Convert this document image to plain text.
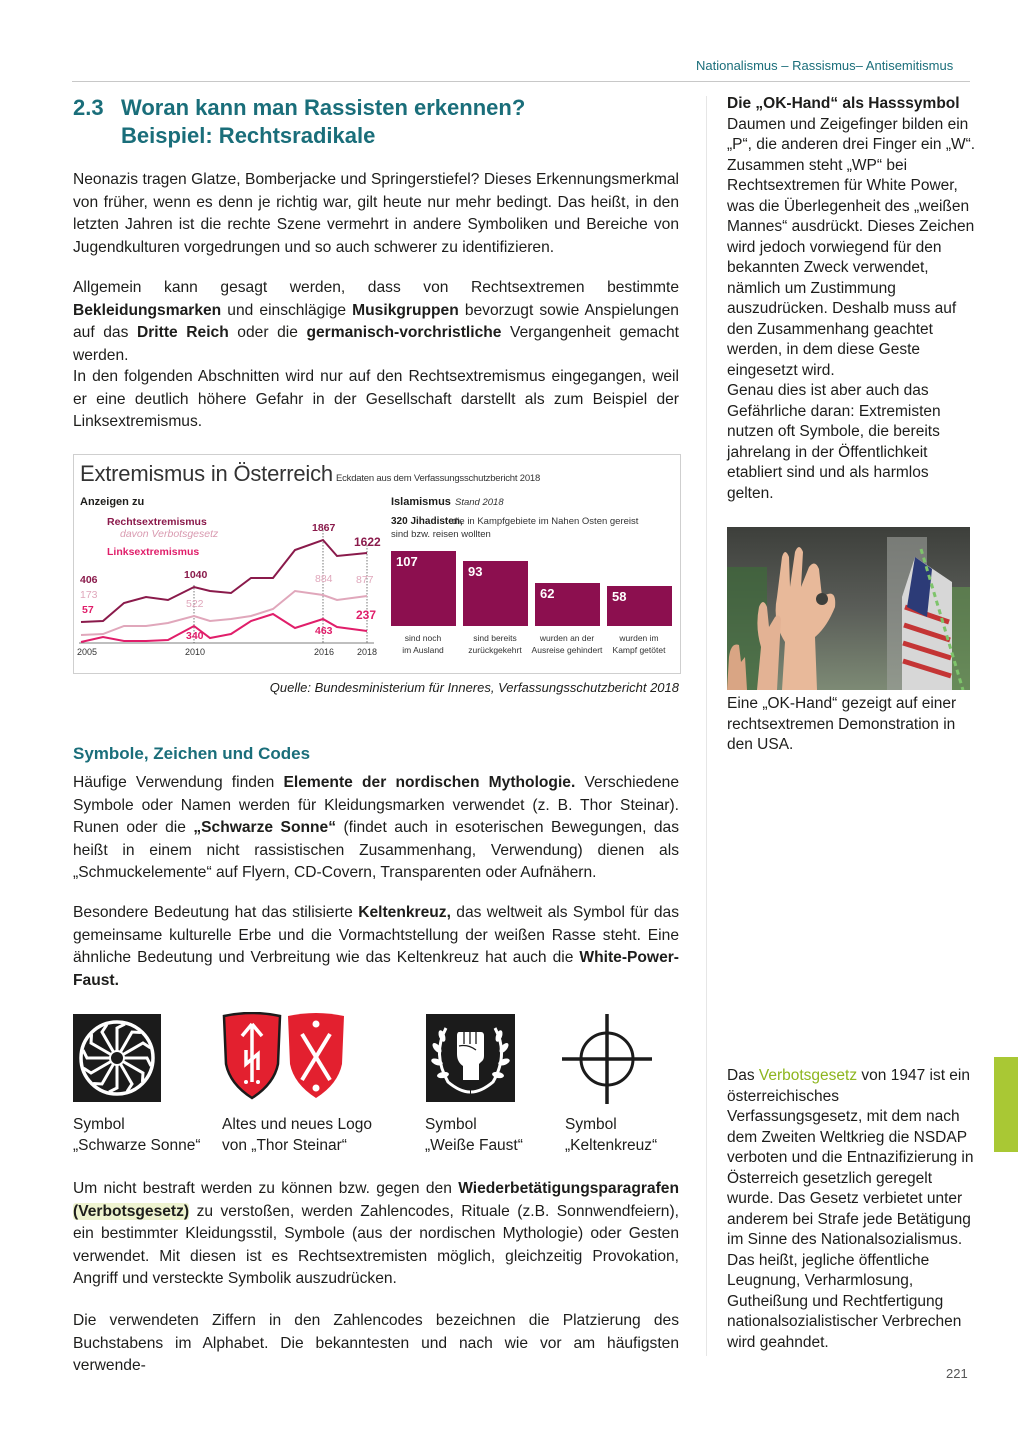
Nationalismus – Rassismus– Antisemitismus
2.3 Woran kann man Rassisten erkennen?
Beispiel: Rechtsradikale
Neonazis tragen Glatze, Bomberjacke und Springerstiefel? Dieses Erkennungsmerkmal von früher, wenn es denn je richtig war, gilt heute nur mehr bedingt. Das heißt, in den letzten Jahren ist die rechte Szene vermehrt in andere Symboliken und Bereiche von Jugendkulturen vorgedrungen und so auch schwerer zu identifizieren.
Allgemein kann gesagt werden, dass von Rechtsextremen bestimmte Bekleidungsmarken und einschlägige Musikgruppen bevorzugt sowie Anspielungen auf das Dritte Reich oder die germanisch-vorchristliche Vergangenheit gemacht werden.
In den folgenden Abschnitten wird nur auf den Rechtsextremismus eingegangen, weil er eine deutlich höhere Gefahr in der Gesellschaft darstellt als zum Beispiel der Linksextremismus.
Extremismus in Österreich Eckdaten aus dem Verfassungsschutzbericht 2018
Anzeigen zu
Rechtsextremismus
davon Verbotsgesetz
Linksextremismus
406
173
57
1040
522
340
1867
884
463
1622
877
237
2005	2010	2016	2018
Islamismus Stand 2018
320 Jihadisten,
die in Kampfgebiete im Nahen Osten gereist
sind bzw. reisen wollten
107
93
62	58
sind noch
im Ausland
sind bereits
zurückgekehrt
wurden an der
Ausreise gehindert
wurden im
Kampf getötet
Quelle: Bundesministerium für Inneres, Verfassungsschutzbericht 2018
Symbole, Zeichen und Codes
Häufige Verwendung finden Elemente der nordischen Mythologie. Verschiedene Symbole oder Namen werden für Kleidungsmarken verwendet (z. B. Thor Steinar). Runen oder die „Schwarze Sonne“ (findet auch in esoterischen Bewegungen, das heißt in einem nicht rassistischen Zusammenhang, Verwendung) dienen als „Schmuckelemente“ auf Flyern, CD-Covern, Transparenten oder Aufnähern.
Besondere Bedeutung hat das stilisierte Keltenkreuz, das weltweit als Symbol für das gemeinsame kulturelle Erbe und die Vormachtstellung der weißen Rasse steht. Eine ähnliche Bedeutung und Verbreitung wie das Keltenkreuz hat auch die White-Power-Faust.
Symbol
„Schwarze Sonne“
Altes und neues Logo
von „Thor Steinar“
Symbol
„Weiße Faust“
Symbol
„Keltenkreuz“
Um nicht bestraft werden zu können bzw. gegen den Wiederbetätigungsparagrafen (Verbotsgesetz) zu verstoßen, werden Zahlencodes, Rituale (z.B. Sonnwendfeiern), ein bestimmter Kleidungsstil, Symbole (aus der nordischen Mythologie) oder Gesten verwendet. Mit diesen ist es Rechtsextremisten möglich, gleichzeitig Provokation, Angriff und versteckte Symbolik auszudrücken.
Die verwendeten Ziffern in den Zahlencodes bezeichnen die Platzierung des Buchstabens im Alphabet. Die bekanntesten und nach wie vor am häufigsten verwende-
Die „OK-Hand“ als Hasssymbol
Daumen und Zeigefinger bilden ein „P“, die anderen drei Finger ein „W“. Zusammen steht „WP“ bei Rechtsextremen für White Power, was die Überlegenheit des „weißen Mannes“ ausdrückt. Dieses Zeichen wird jedoch vorwiegend für den bekannten Zweck verwendet, nämlich um Zustimmung auszudrücken. Deshalb muss auf den Zusammenhang geachtet werden, in dem diese Geste eingesetzt wird.
Genau dies ist aber auch das Gefährliche daran: Extremisten nutzen oft Symbole, die bereits jahrelang in der Öffentlichkeit etabliert sind und als harmlos gelten.
Eine „OK-Hand“ gezeigt auf einer rechtsextremen Demonstration in den USA.
Das Verbotsgesetz von 1947 ist ein österreichisches Verfassungsgesetz, mit dem nach dem Zweiten Weltkrieg die NSDAP verboten und die Entnazifizierung in Österreich gesetzlich geregelt wurde. Das Gesetz verbietet unter anderem bei Strafe jede Betätigung im Sinne des Nationalsozialismus. Das heißt, jegliche öffentliche Leugnung, Verharmlosung, Gutheißung und Rechtfertigung nationalsozialistischer Verbrechen wird geahndet.
221
